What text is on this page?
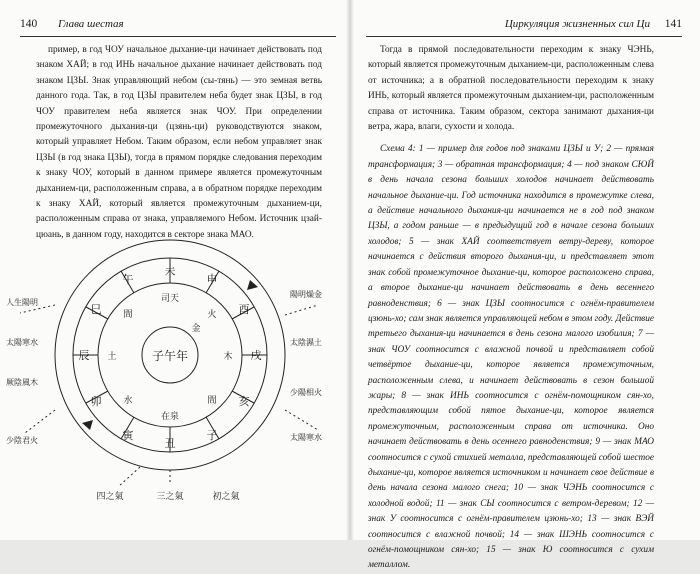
140 Глава шестая

пример, в год ЧОУ начальное дыхание-ци начинает действовать под знаком ХАЙ; в год ИНЬ начальное дыхание начинает действовать под знаком ЦЗЫ. Знак управляющий небом (сы-тянь) — это земная ветвь данного года. Так, в год ЦЗЫ правителем неба будет знак ЦЗЫ, в год ЧОУ правителем неба является знак ЧОУ. При определении промежуточного дыхания-ци (цзянь-ци) руководствуются знаком, который управляет Небом. Таким образом, если небом управляет знак ЦЗЫ (в год знака ЦЗЫ), тогда в прямом порядке следования переходим к знаку ЧОУ, который в данном примере является промежуточным дыханием-ци, расположенным справа, а в обратном порядке переходим к знаку ХАЙ, который является промежуточным дыханием-ци, расположенным справа от знака, управляемого Небом. Источник цзай-цюань, в данном году, находится в секторе знака МАО.

子午年
未
午
巳
辰
卯
寅
丑
子
亥
戌
酉
申
司天
間
土
水
在泉
間
木
火
金
人生陽明
太陽寒水
厥陰風木
少陰君火
陽明燥金
太陰濕土
少陽相火
太陽寒水
四之氣	三之氣	初之氣
Циркуляция жизненных сил Ци 141

Тогда в прямой последовательности переходим к знаку ЧЭНЬ, который является промежуточным дыханием-ци, расположенным слева от источника; а в обратной последовательности переходим к знаку ИНЬ, который является промежуточным дыханием-ци, расположенным справа от источника. Таким образом, сектора занимают дыхания-ци ветра, жара, влаги, сухости и холода.

Схема 4: 1 — пример для годов под знаками ЦЗЫ и У; 2 — прямая трансформация; 3 — обратная трансформация; 4 — под знаком СЮЙ в день начала сезона больших холодов начинает действовать начальное дыхание-ци. Год источника находится в промежутке слева, а действие начального дыхания-ци начинается не в год под знаком ЦЗЫ, а годом раньше — в предыдущий год в начале сезона больших холодов; 5 — знак ХАЙ соответствует ветру-дереву, которое начинается с действия второго дыхания-ци, и представляет этот знак собой промежуточное дыхание-ци, которое расположено справа, а второе дыхание-ци начинает действовать в день весеннего равноденствия; 6 — знак ЦЗЫ соотносится с огнём-правителем цзюнь-хо; сам знак является управляющей небом в этом году. Действие третьего дыхания-ци начинается в день сезона малого изобилия; 7 — знак ЧОУ соотносится с влажной почвой и представляет собой четвёртое дыхание-ци, которое является промежуточным, расположенным слева, и начинает действовать в сезон большой жары; 8 — знак ИНЬ соотносится с огнём-помощником сян-хо, представляющим собой пятое дыхание-ци, которое является промежуточным, расположенным справа от источника. Оно начинает действовать в день осеннего равноденствия; 9 — знак МАО соотносится с сухой стихией металла, представляющей собой шестое дыхание-ци, которое является источником и начинает свое действие в день начала сезона малого снега; 10 — знак ЧЭНЬ соотносится с холодной водой; 11 — знак СЫ соотносится с ветром-деревом; 12 — знак У соотносится с огнём-правителем цзюнь-хо; 13 — знак ВЭЙ соотносится с влажной почвой; 14 — знак ШЭНЬ соотносится с огнём-помощником сян-хо; 15 — знак Ю соотносится с сухим металлом.
